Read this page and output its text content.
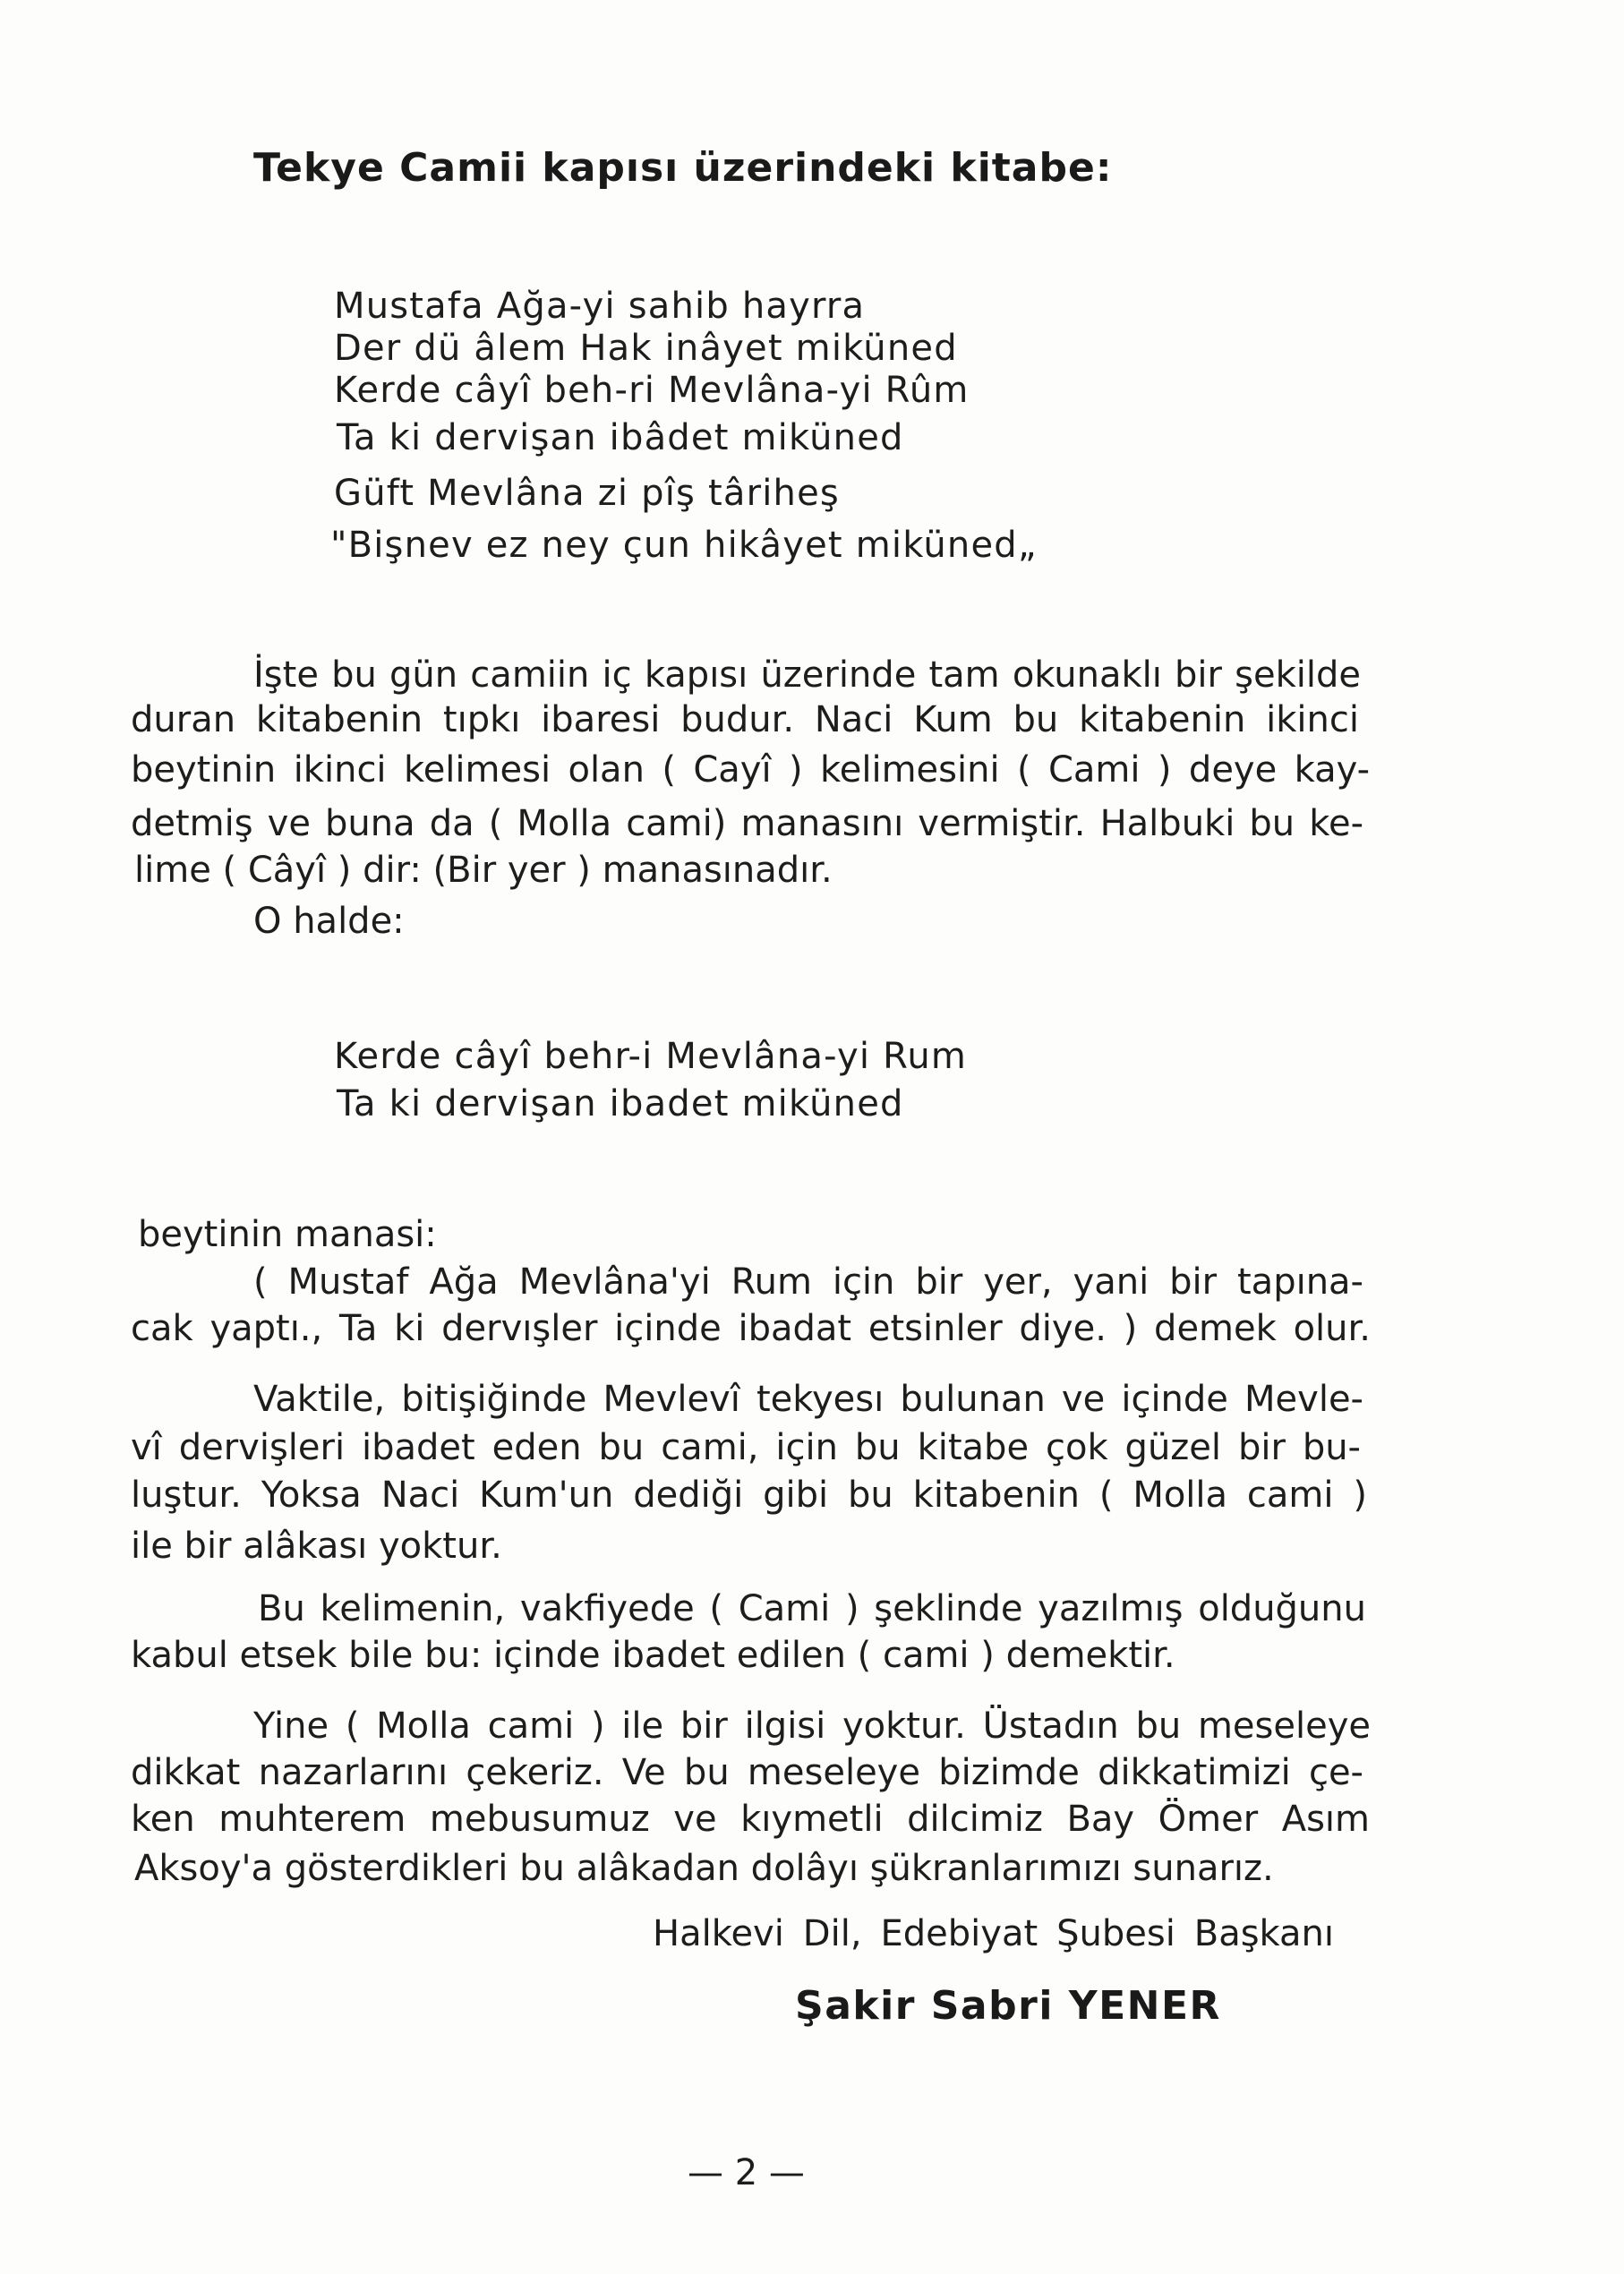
Tekye Camii kapısı üzerindeki kitabe:
Mustafa Ağa-yi sahib hayrra
Der dü âlem Hak inâyet miküned
Kerde câyî beh-ri Mevlâna-yi Rûm
Ta ki dervişan ibâdet miküned
Güft Mevlâna zi pîş târiheş
"Bişnev ez ney çun hikâyet miküned„
İşte bu gün camiin iç kapısı üzerinde tam okunaklı bir şekilde
duran kitabenin tıpkı ibaresi budur. Naci Kum bu kitabenin ikinci
beytinin ikinci kelimesi olan ( Cayî ) kelimesini ( Cami ) deye kay-
detmiş ve buna da ( Molla cami) manasını vermiştir. Halbuki bu ke-
lime ( Câyî ) dir: (Bir yer ) manasınadır.
O halde:
Kerde câyî behr-i Mevlâna-yi Rum
Ta ki dervişan ibadet miküned
beytinin manasi:
( Mustaf Ağa Mevlâna'yi Rum için bir yer, yani bir tapına-
cak yaptı., Ta ki dervışler içinde ibadat etsinler diye. ) demek olur.
Vaktile, bitişiğinde Mevlevî tekyesı bulunan ve içinde Mevle-
vî dervişleri ibadet eden bu cami, için bu kitabe çok güzel bir bu-
luştur. Yoksa Naci Kum'un dediği gibi bu kitabenin ( Molla cami )
ile bir alâkası yoktur.
Bu kelimenin, vakfiyede ( Cami ) şeklinde yazılmış olduğunu
kabul etsek bile bu: içinde ibadet edilen ( cami ) demektir.
Yine ( Molla cami ) ile bir ilgisi yoktur. Üstadın bu meseleye
dikkat nazarlarını çekeriz. Ve bu meseleye bizimde dikkatimizi çe-
ken muhterem mebusumuz ve kıymetli dilcimiz Bay Ömer Asım
Aksoy'a gösterdikleri bu alâkadan dolâyı şükranlarımızı sunarız.
Halkevi Dil, Edebiyat Şubesi Başkanı
Şakir Sabri YENER
— 2 —
